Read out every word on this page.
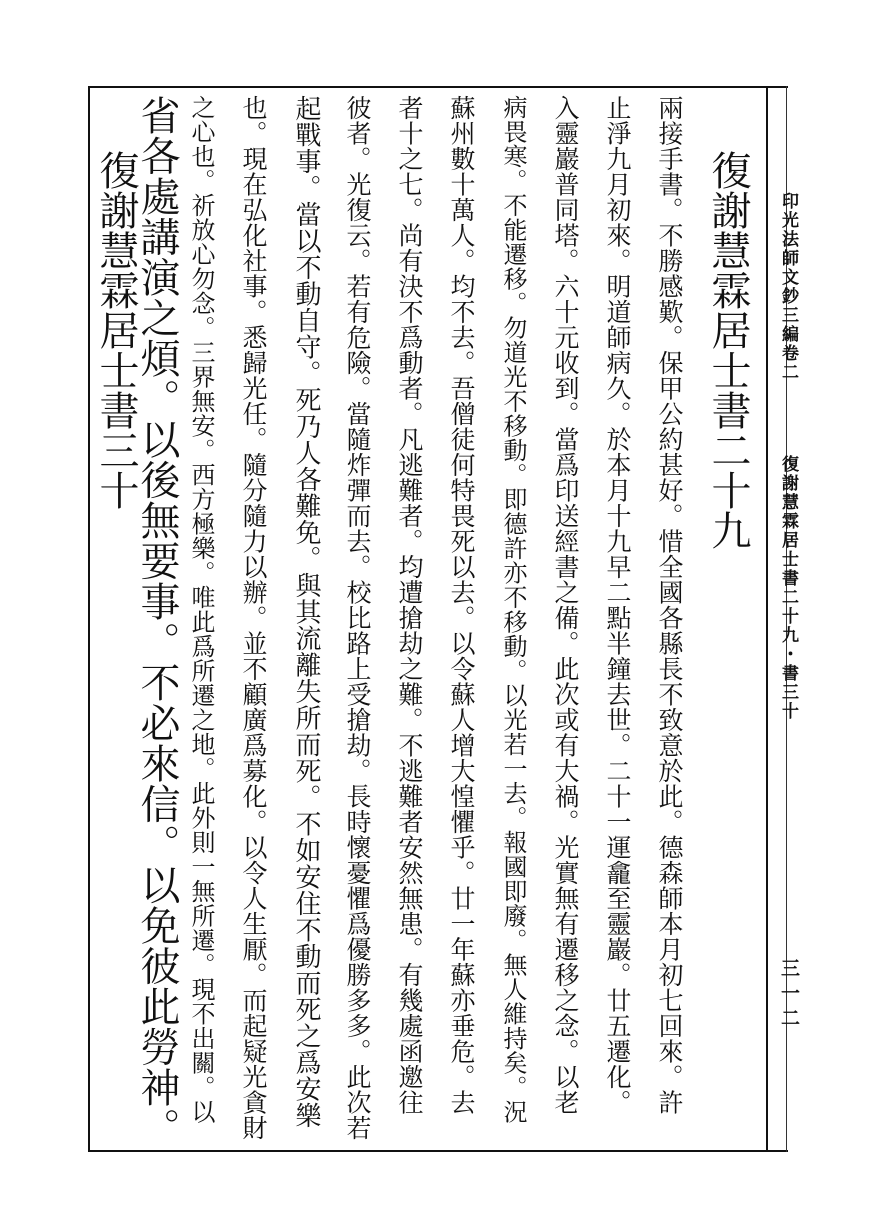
印光法師文鈔三編卷二
復謝慧霖居士書二十九・書三十
三一二
復謝慧霖居士書二十九
兩接手書。不勝感歎。保甲公約甚好。惜全國各縣長不致意於此。德森師本月初七回來。許
止淨九月初來。明道師病久。於本月十九早二點半鐘去世。二十一運龕至靈巖。廿五遷化。
入靈巖普同塔。六十元收到。當爲印送經書之備。此次或有大禍。光實無有遷移之念。以老
病畏寒。不能遷移。勿道光不移動。即德許亦不移動。以光若一去。報國即廢。無人維持矣。況
蘇州數十萬人。均不去。吾僧徒何特畏死以去。以令蘇人增大惶懼乎。廿一年蘇亦垂危。去
者十之七。尚有決不爲動者。凡逃難者。均遭搶劫之難。不逃難者安然無患。有幾處函邀往
彼者。光復云。若有危險。當隨炸彈而去。校比路上受搶劫。長時懷憂懼爲優勝多多。此次若
起戰事。當以不動自守。死乃人各難免。與其流離失所而死。不如安住不動而死之爲安樂
也。現在弘化社事。悉歸光任。隨分隨力以辦。並不顧廣爲募化。以令人生厭。而起疑光貪財
之心也。祈放心勿念。三界無安。西方極樂。唯此爲所遷之地。此外則一無所遷。現不出關。以
省各處講演之煩。以後無要事。不必來信。以免彼此勞神。
復謝慧霖居士書三十
